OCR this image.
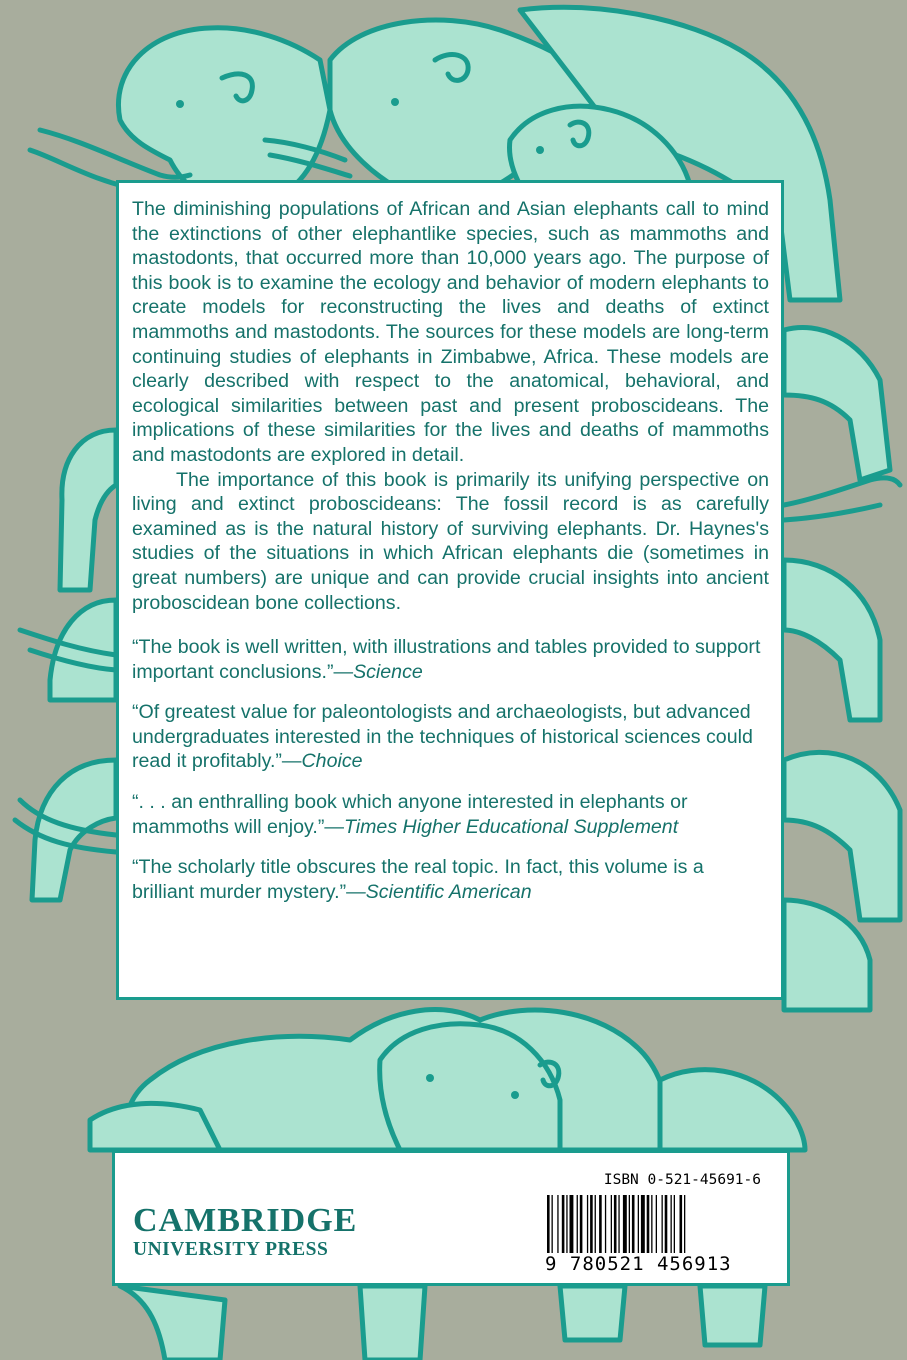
The diminishing populations of African and Asian elephants call to mind the extinctions of other elephantlike species, such as mammoths and mastodonts, that occurred more than 10,000 years ago. The purpose of this book is to examine the ecology and behavior of modern elephants to create models for reconstructing the lives and deaths of extinct mammoths and mastodonts. The sources for these models are long-term continuing studies of elephants in Zimbabwe, Africa. These models are clearly described with respect to the anatomical, behavioral, and ecological similarities between past and present proboscideans. The implications of these similarities for the lives and deaths of mammoths and mastodonts are explored in detail.

The importance of this book is primarily its unifying perspective on living and extinct proboscideans: The fossil record is as carefully examined as is the natural history of surviving elephants. Dr. Haynes's studies of the situations in which African elephants die (sometimes in great numbers) are unique and can provide crucial insights into ancient proboscidean bone collections.

“The book is well written, with illustrations and tables provided to support important conclusions.”—Science

“Of greatest value for paleontologists and archaeologists, but advanced undergraduates interested in the techniques of historical sciences could read it profitably.”—Choice

“. . . an enthralling book which anyone interested in elephants or mammoths will enjoy.”—Times Higher Educational Supplement

“The scholarly title obscures the real topic. In fact, this volume is a brilliant murder mystery.”—Scientific American

CAMBRIDGE
UNIVERSITY PRESS
ISBN 0-521-45691-6
9 780521 456913
